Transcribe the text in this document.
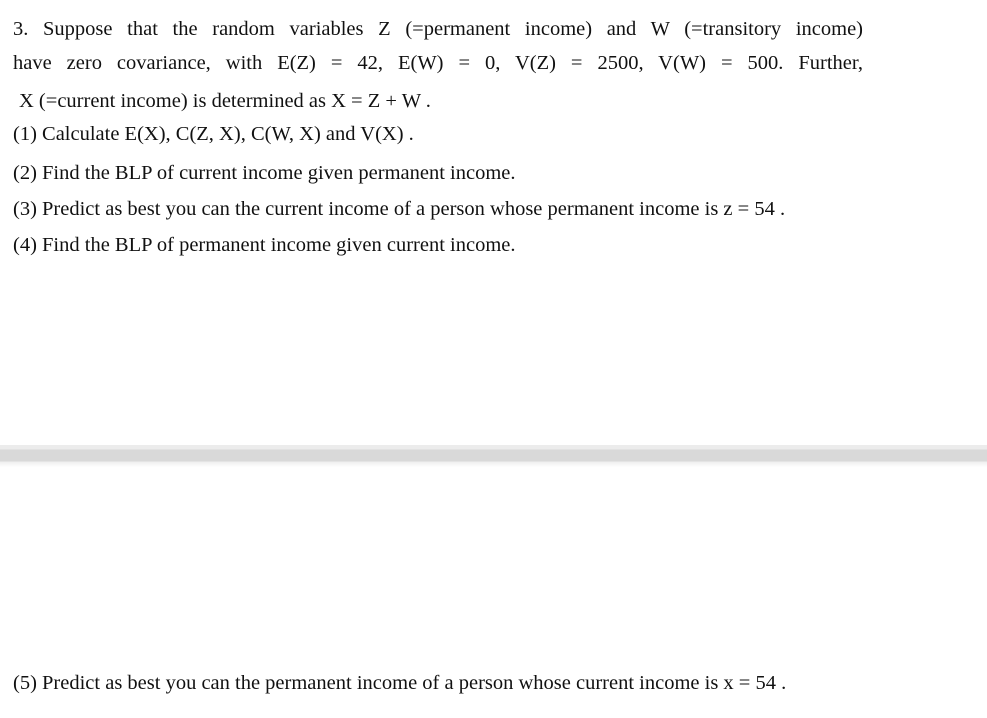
3. Suppose that the random variables Z (=permanent income) and W (=transitory income)
have zero covariance, with E(Z) = 42, E(W) = 0, V(Z) = 2500, V(W) = 500. Further,
X (=current income) is determined as X = Z + W .
(1) Calculate E(X), C(Z, X), C(W, X) and V(X) .
(2) Find the BLP of current income given permanent income.
(3) Predict as best you can the current income of a person whose permanent income is z = 54 .
(4) Find the BLP of permanent income given current income.
(5) Predict as best you can the permanent income of a person whose current income is x = 54 .
